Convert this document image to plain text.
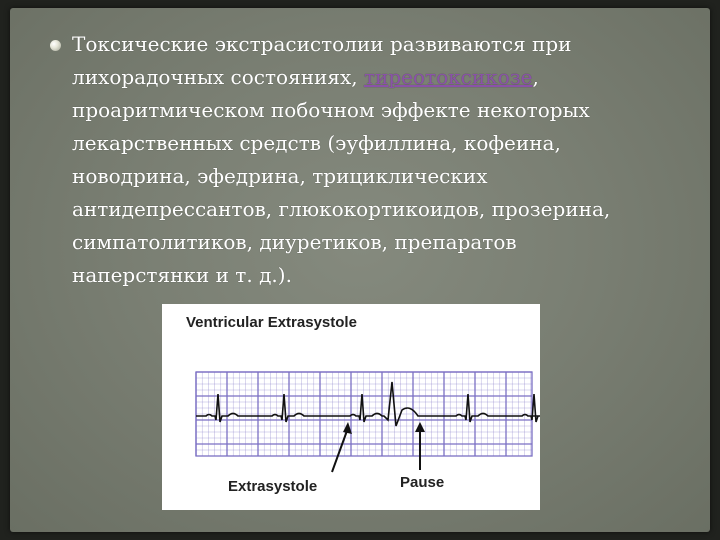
Токсические экстрасистолии развиваются при
лихорадочных состояниях, тиреотоксикозе,
проаритмическом побочном эффекте некоторых
лекарственных средств (эуфиллина, кофеина,
новодрина, эфедрина, трициклических
антидепрессантов, глюкокортикоидов, прозерина,
симпатолитиков, диуретиков, препаратов
наперстянки и т. д.).
Ventricular Extrasystole
Extrasystole	Pause
